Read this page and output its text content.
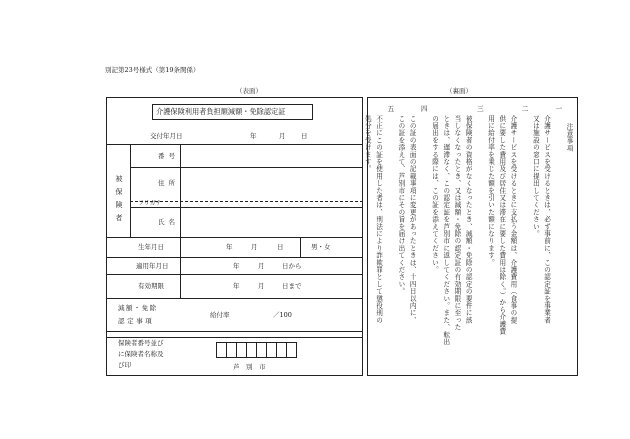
別記第23号様式（第19条関係）
（表面）	（裏面）
介護保険利用者負担額減額・免除認定証
交付年月日	年	月 日
被保険者
番号
住所
フリガナ
氏名
生年月日	年	月	日	男・女
適用年月日	年	月	日から
有効期限	年	月	日まで
減額・免除
認定事項
給付率	／100
保険者番号並び
に保険者名称及
び印	芦　別　市
注意事項
一
介護サービスを受けるときは、必ず事前に、この認定証を事業者
又は施設の窓口に提出してください。
二
介護サービスを受けるときに支払う金額は、介護費用（食事の提
供に要した費用及び居住又は滞在に要した費用は除く。）から介護費
用に給付率を乗じた額を引いた額になります。
三
被保険者の資格がなくなったとき、減額・免除の認定の要件に該
当しなくなったとき、又は減額・免除の認定証の有効期限に至った
ときは、遅滞なく、この認定証を芦別市に返してください。また、転出
の届出をする際には、この証を添えてください。
四
この証の表面の記載事項に変更があったときは、十四日以内に、
この証を添えて、芦別市にその旨を届け出てください。
五
不正にこの証を使用した者は、刑法により詐欺罪として懲役刑の
処分を受けます。
